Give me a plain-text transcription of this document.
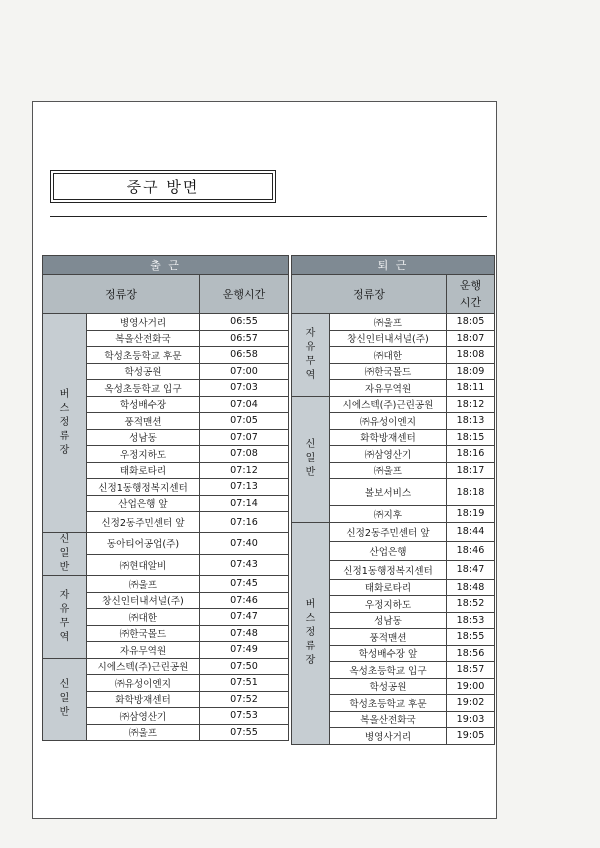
중구 방면
출 근		
정류장		운행시간

버
스
정
류
장	병영사거리	06:55
	복올산전화국	06:57
	학성초등학교 후문	06:58
	학성공원	07:00
	옥성초등학교 입구	07:03
	학성배수장	07:04
	풍적맨션	07:05
	성남동	07:07
	우정지하도	07:08
	태화로타리	07:12
	신정1동행정복지센터	07:13
	산업은행 앞	07:14
	신정2동주민센터 앞	07:16

신
일
반	동아티어공업(주)	07:40
	㈜현대알비	07:43

자
유
무
역	㈜울프	07:45
	창신인터내셔널(주)	07:46
	㈜대한	07:47
	㈜한국몰드	07:48
	자유무역원	07:49

신
일
반	시에스텍(주)근린공원	07:50
	㈜유성이엔지	07:51
	화학방재센터	07:52
	㈜삼영산기	07:53
	㈜울프	07:55
퇴 근		
정류장		운행
시간

자
유
무
역	㈜울프	18:05
	창신인터내셔널(주)	18:07
	㈜대한	18:08
	㈜한국몰드	18:09
	자유무역원	18:11

신
일
반	시에스텍(주)근린공원	18:12
	㈜유성이엔지	18:13
	화학방재센터	18:15
	㈜삼영산기	18:16
	㈜울프	18:17
	볼보서비스	18:18
	㈜지후	18:19

버
스
정
류
장	신정2동주민센터 앞	18:44
	산업은행	18:46
	신정1동행정복지센터	18:47
	태화로타리	18:48
	우정지하도	18:52
	성남동	18:53
	풍적맨션	18:55
	학성배수장 앞	18:56
	옥성초등학교 입구	18:57
	학성공원	19:00
	학성초등학교 후문	19:02
	복올산전화국	19:03
	병영사거리	19:05
